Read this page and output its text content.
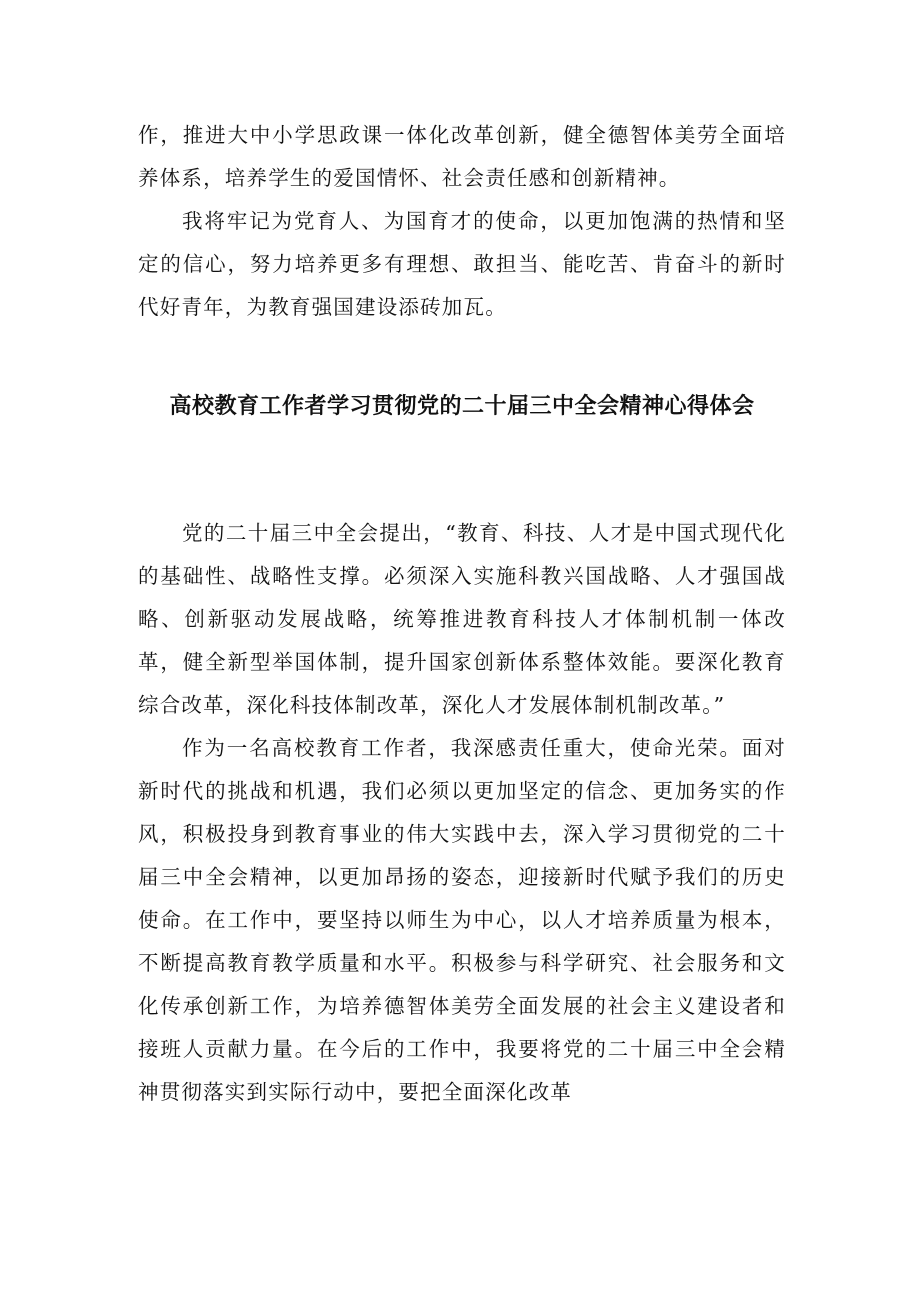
作，推进大中小学思政课一体化改革创新，健全德智体美劳全面培养体系，培养学生的爱国情怀、社会责任感和创新精神。

我将牢记为党育人、为国育才的使命，以更加饱满的热情和坚定的信心，努力培养更多有理想、敢担当、能吃苦、肯奋斗的新时代好青年，为教育强国建设添砖加瓦。

高校教育工作者学习贯彻党的二十届三中全会精神心得体会

党的二十届三中全会提出，“教育、科技、人才是中国式现代化的基础性、战略性支撑。必须深入实施科教兴国战略、人才强国战略、创新驱动发展战略，统筹推进教育科技人才体制机制一体改革，健全新型举国体制，提升国家创新体系整体效能。要深化教育综合改革，深化科技体制改革，深化人才发展体制机制改革。”

作为一名高校教育工作者，我深感责任重大，使命光荣。面对新时代的挑战和机遇，我们必须以更加坚定的信念、更加务实的作风，积极投身到教育事业的伟大实践中去，深入学习贯彻党的二十届三中全会精神，以更加昂扬的姿态，迎接新时代赋予我们的历史使命。在工作中，要坚持以师生为中心，以人才培养质量为根本，不断提高教育教学质量和水平。积极参与科学研究、社会服务和文化传承创新工作，为培养德智体美劳全面发展的社会主义建设者和接班人贡献力量。在今后的工作中，我要将党的二十届三中全会精神贯彻落实到实际行动中，要把全面深化改革
